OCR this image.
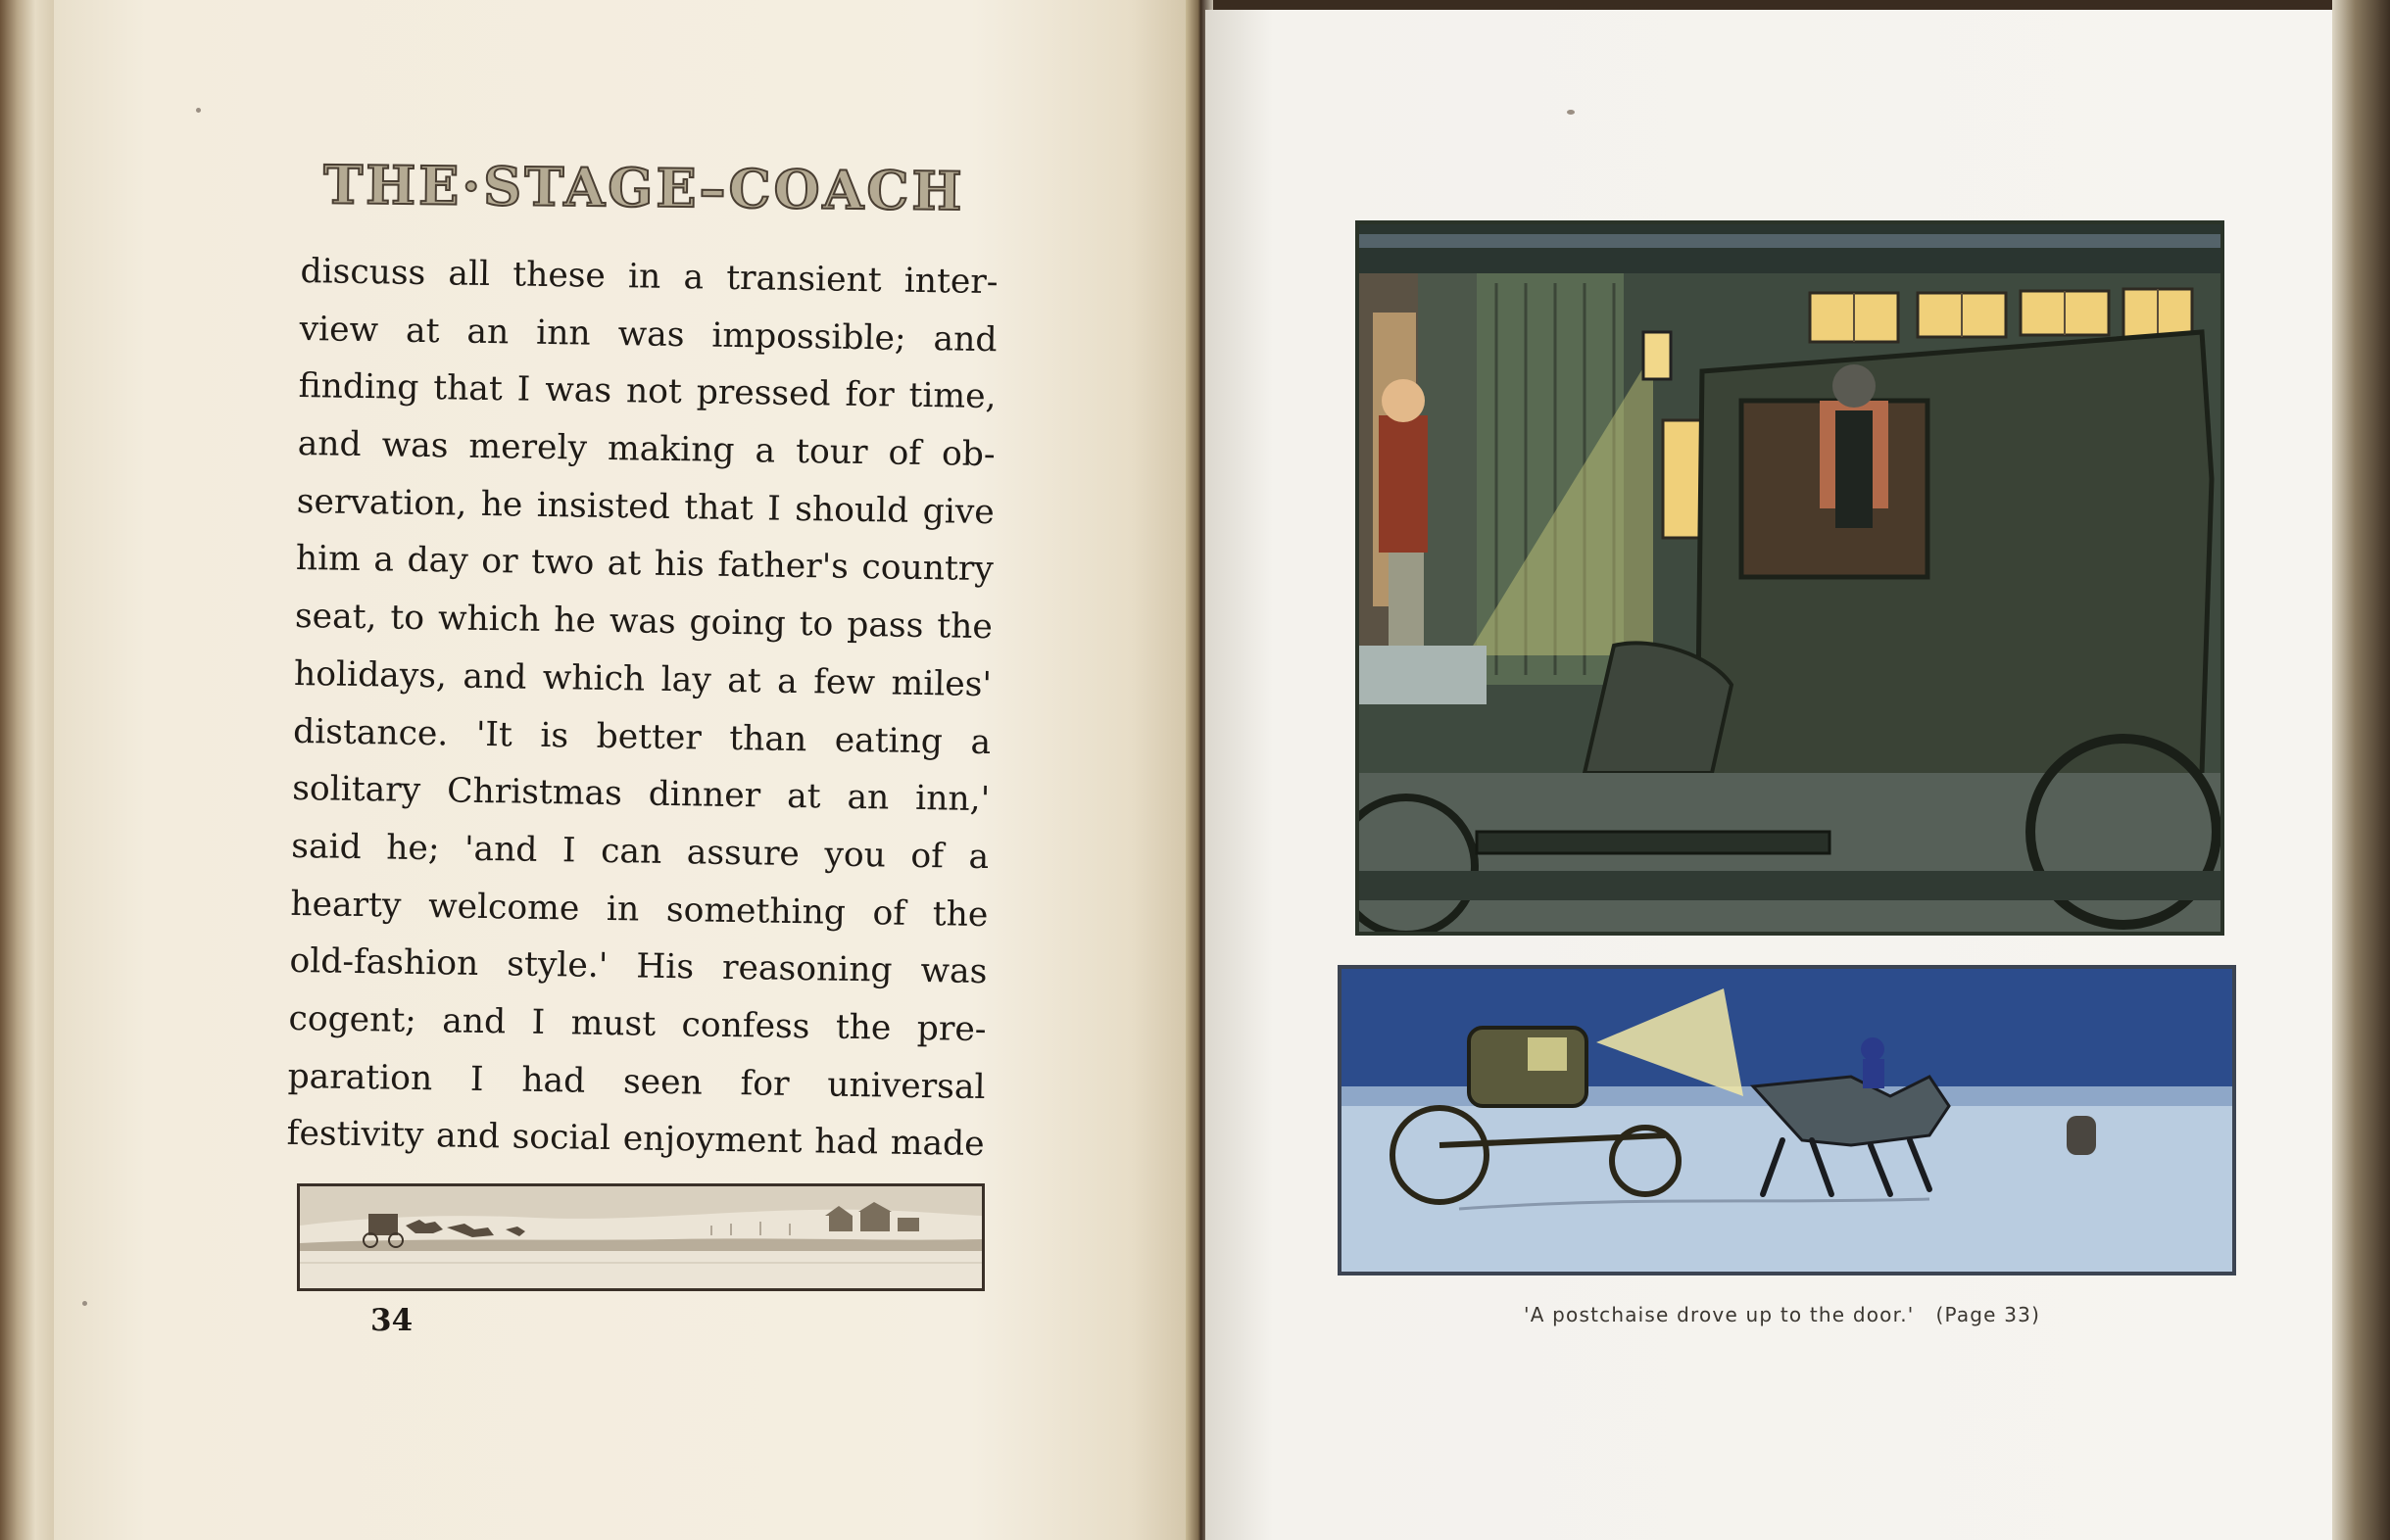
THE·STAGE–COACH
discuss all these in a transient inter-
view at an inn was impossible; and
finding that I was not pressed for time,
and was merely making a tour of ob-
servation, he insisted that I should give
him a day or two at his father's country
seat, to which he was going to pass the
holidays, and which lay at a few miles'
distance. 'It is better than eating a
solitary Christmas dinner at an inn,'
said he; 'and I can assure you of a
hearty welcome in something of the
old-fashion style.' His reasoning was
cogent; and I must confess the pre-
paration I had seen for universal
festivity and social enjoyment had made
34	'A postchaise drove up to the door.' (Page 33)
